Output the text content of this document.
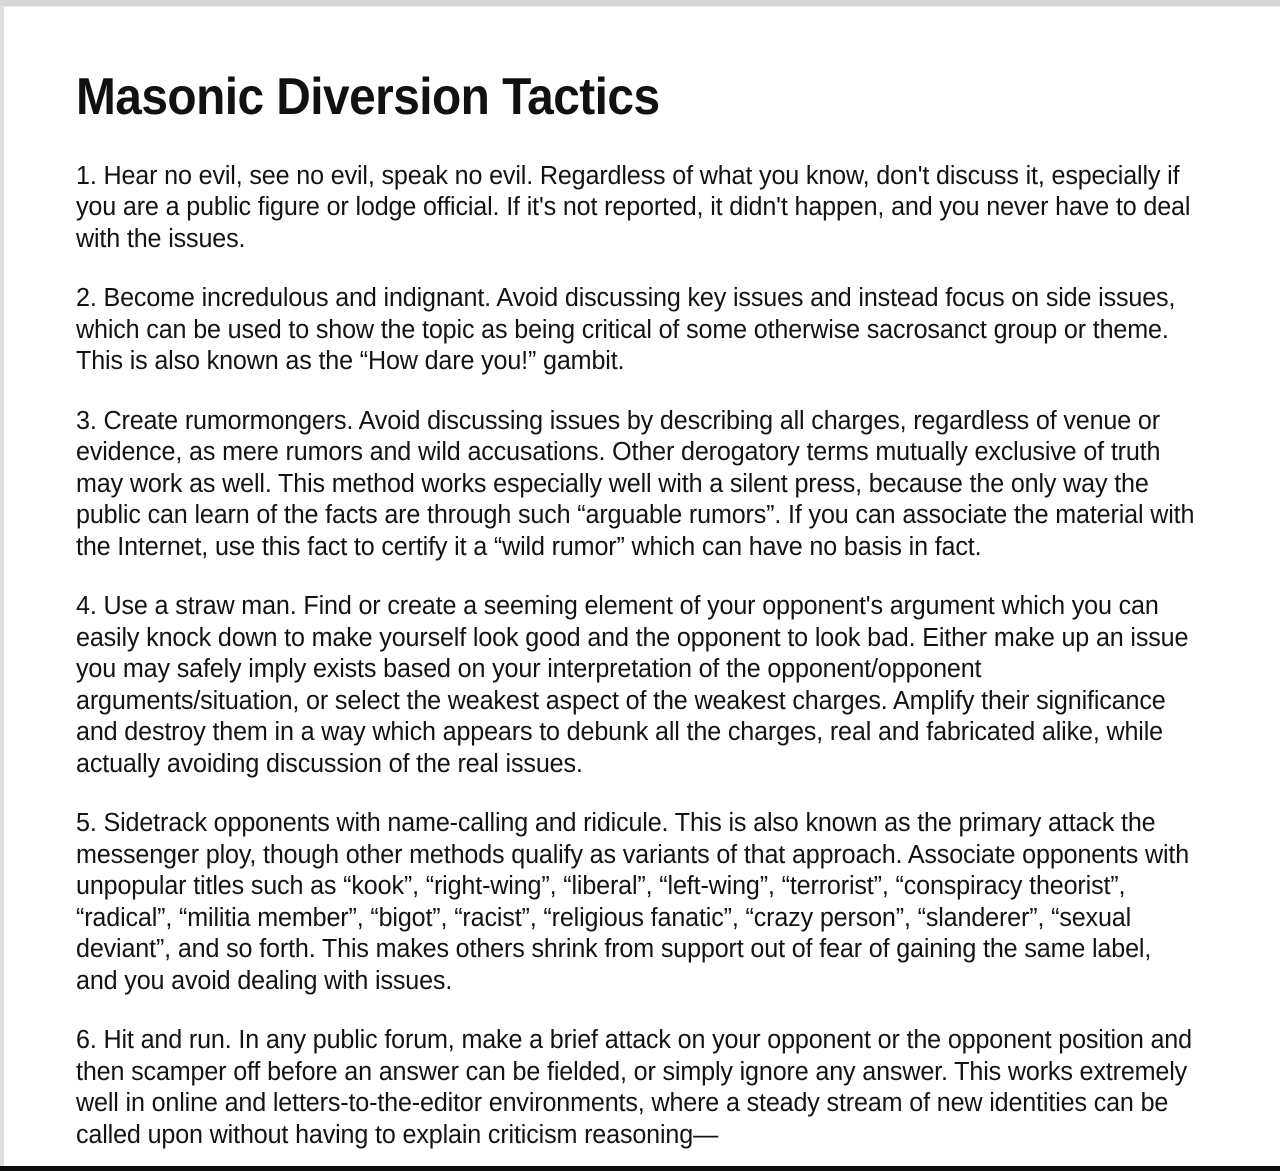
Masonic Diversion Tactics

1. Hear no evil, see no evil, speak no evil. Regardless of what you know, don't discuss it, especially if you are a public figure or lodge official. If it's not reported, it didn't happen, and you never have to deal with the issues.

2. Become incredulous and indignant. Avoid discussing key issues and instead focus on side issues, which can be used to show the topic as being critical of some otherwise sacrosanct group or theme. This is also known as the “How dare you!” gambit.

3. Create rumormongers. Avoid discussing issues by describing all charges, regardless of venue or evidence, as mere rumors and wild accusations. Other derogatory terms mutually exclusive of truth may work as well. This method works especially well with a silent press, because the only way the public can learn of the facts are through such “arguable rumors”. If you can associate the material with the Internet, use this fact to certify it a “wild rumor” which can have no basis in fact.

4. Use a straw man. Find or create a seeming element of your opponent's argument which you can easily knock down to make yourself look good and the opponent to look bad. Either make up an issue you may safely imply exists based on your interpretation of the opponent/opponent arguments/situation, or select the weakest aspect of the weakest charges. Amplify their significance and destroy them in a way which appears to debunk all the charges, real and fabricated alike, while actually avoiding discussion of the real issues.

5. Sidetrack opponents with name-calling and ridicule. This is also known as the primary attack the messenger ploy, though other methods qualify as variants of that approach. Associate opponents with unpopular titles such as “kook”, “right-wing”, “liberal”, “left-wing”, “terrorist”, “conspiracy theorist”, “radical”, “militia member”, “bigot”, “racist”, “religious fanatic”, “crazy person”, “slanderer”, “sexual deviant”, and so forth. This makes others shrink from support out of fear of gaining the same label, and you avoid dealing with issues.

6. Hit and run. In any public forum, make a brief attack on your opponent or the opponent position and then scamper off before an answer can be fielded, or simply ignore any answer. This works extremely well in online and letters-to-the-editor environments, where a steady stream of new identities can be called upon without having to explain criticism reasoning—
